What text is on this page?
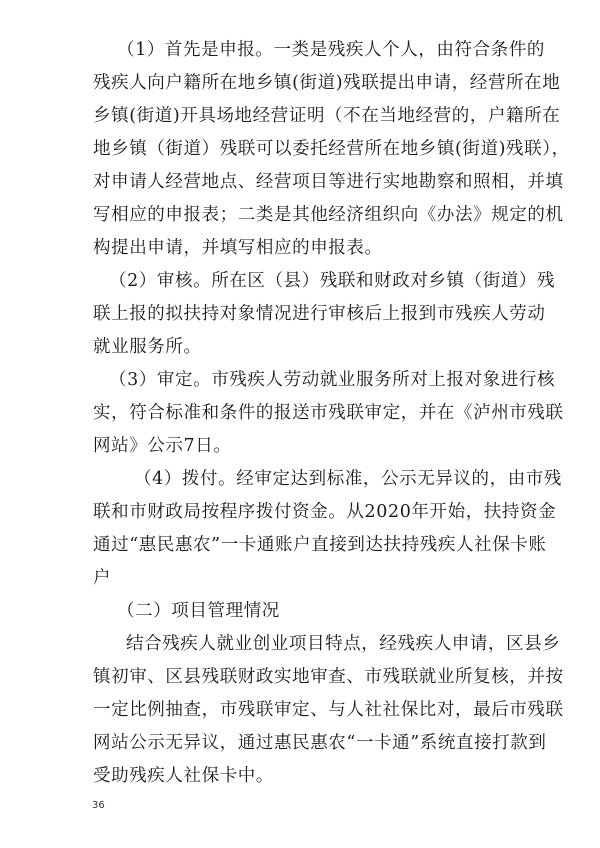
（1）首先是申报。一类是残疾人个人，由符合条件的
残疾人向户籍所在地乡镇(街道)残联提出申请，经营所在地
乡镇(街道)开具场地经营证明（不在当地经营的，户籍所在
地乡镇（街道）残联可以委托经营所在地乡镇(街道)残联），
对申请人经营地点、经营项目等进行实地勘察和照相，并填
写相应的申报表；二类是其他经济组织向《办法》规定的机
构提出申请，并填写相应的申报表。
（2）审核。所在区（县）残联和财政对乡镇（街道）残
联上报的拟扶持对象情况进行审核后上报到市残疾人劳动
就业服务所。
（3）审定。市残疾人劳动就业服务所对上报对象进行核
实，符合标准和条件的报送市残联审定，并在《泸州市残联
网站》公示7日。
（4）拨付。经审定达到标准，公示无异议的，由市残
联和市财政局按程序拨付资金。从2020年开始，扶持资金
通过“惠民惠农”一卡通账户直接到达扶持残疾人社保卡账
户
（二）项目管理情况
结合残疾人就业创业项目特点，经残疾人申请，区县乡
镇初审、区县残联财政实地审查、市残联就业所复核，并按
一定比例抽查，市残联审定、与人社社保比对，最后市残联
网站公示无异议，通过惠民惠农“一卡通”系统直接打款到
36
受助残疾人社保卡中。
